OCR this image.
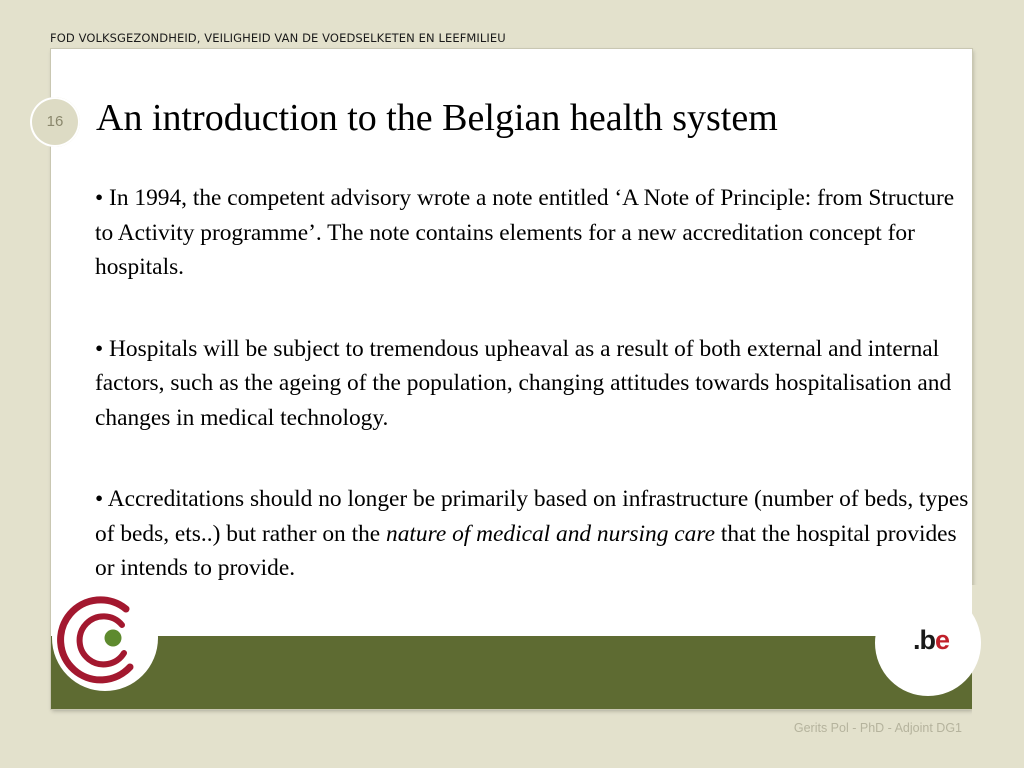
FOD VOLKSGEZONDHEID, VEILIGHEID VAN DE VOEDSELKETEN EN LEEFMILIEU
16 An introduction to the Belgian health system

• In 1994, the competent advisory wrote a note entitled ‘A Note of Principle: from Structure to Activity programme’. The note contains elements for a new accreditation concept for hospitals.

• Hospitals will be subject to tremendous upheaval as a result of both external and internal factors, such as the ageing of the population, changing attitudes towards hospitalisation and changes in medical technology.

• Accreditations should no longer be primarily based on infrastructure (number of beds, types of beds, ets..) but rather on the nature of medical and nursing care that the hospital provides or intends to provide.

.be
Gerits Pol - PhD - Adjoint DG1
